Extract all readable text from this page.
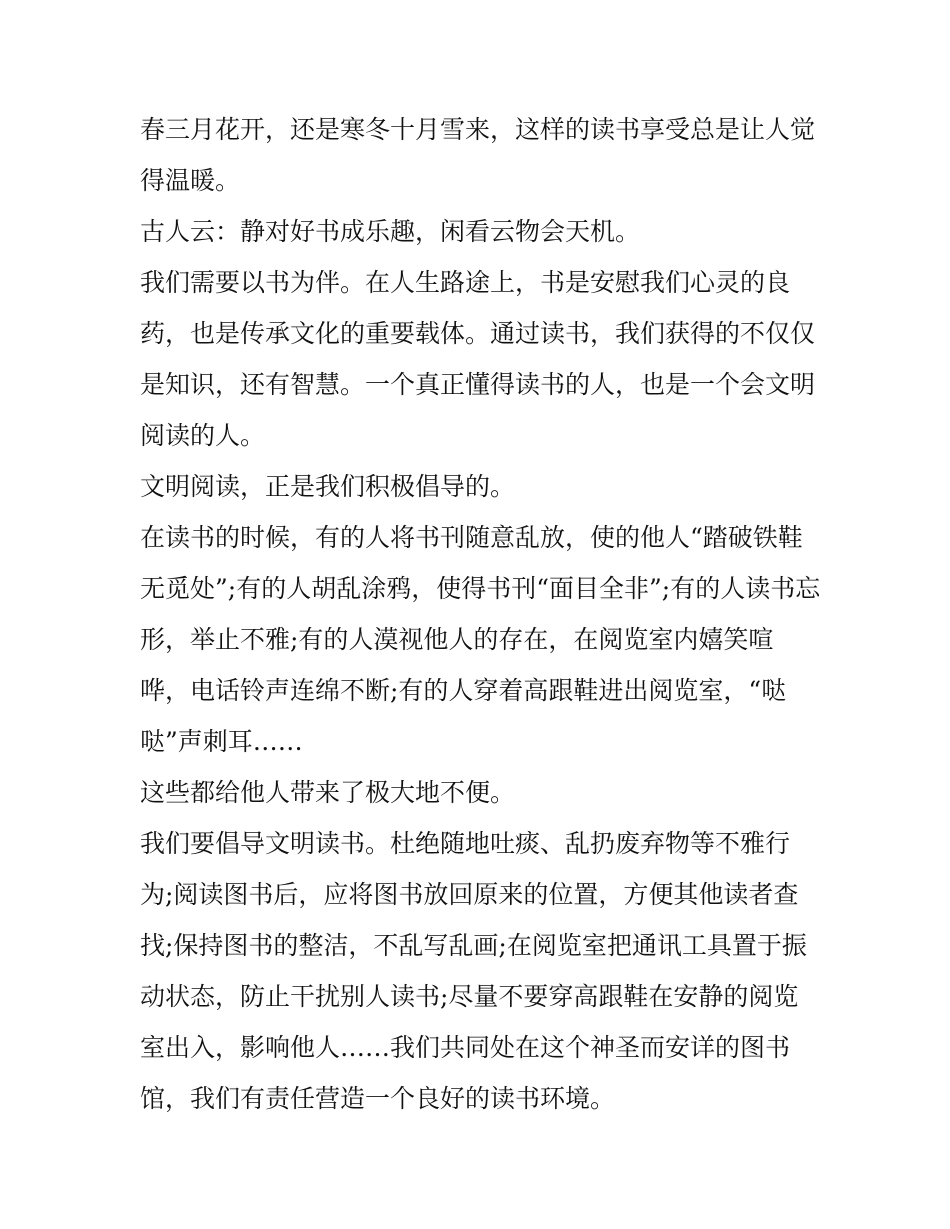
春三月花开，还是寒冬十月雪来，这样的读书享受总是让人觉
得温暖。
古人云：静对好书成乐趣，闲看云物会天机。
我们需要以书为伴。在人生路途上，书是安慰我们心灵的良
药，也是传承文化的重要载体。通过读书，我们获得的不仅仅
是知识，还有智慧。一个真正懂得读书的人，也是一个会文明
阅读的人。
文明阅读，正是我们积极倡导的。
在读书的时候，有的人将书刊随意乱放，使的他人“踏破铁鞋
无觅处”;有的人胡乱涂鸦，使得书刊“面目全非”;有的人读书忘
形，举止不雅;有的人漠视他人的存在，在阅览室内嬉笑喧
哗，电话铃声连绵不断;有的人穿着高跟鞋进出阅览室，“哒
哒”声刺耳……
这些都给他人带来了极大地不便。
我们要倡导文明读书。杜绝随地吐痰、乱扔废弃物等不雅行
为;阅读图书后，应将图书放回原来的位置，方便其他读者查
找;保持图书的整洁，不乱写乱画;在阅览室把通讯工具置于振
动状态，防止干扰别人读书;尽量不要穿高跟鞋在安静的阅览
室出入，影响他人……我们共同处在这个神圣而安详的图书
馆，我们有责任营造一个良好的读书环境。
